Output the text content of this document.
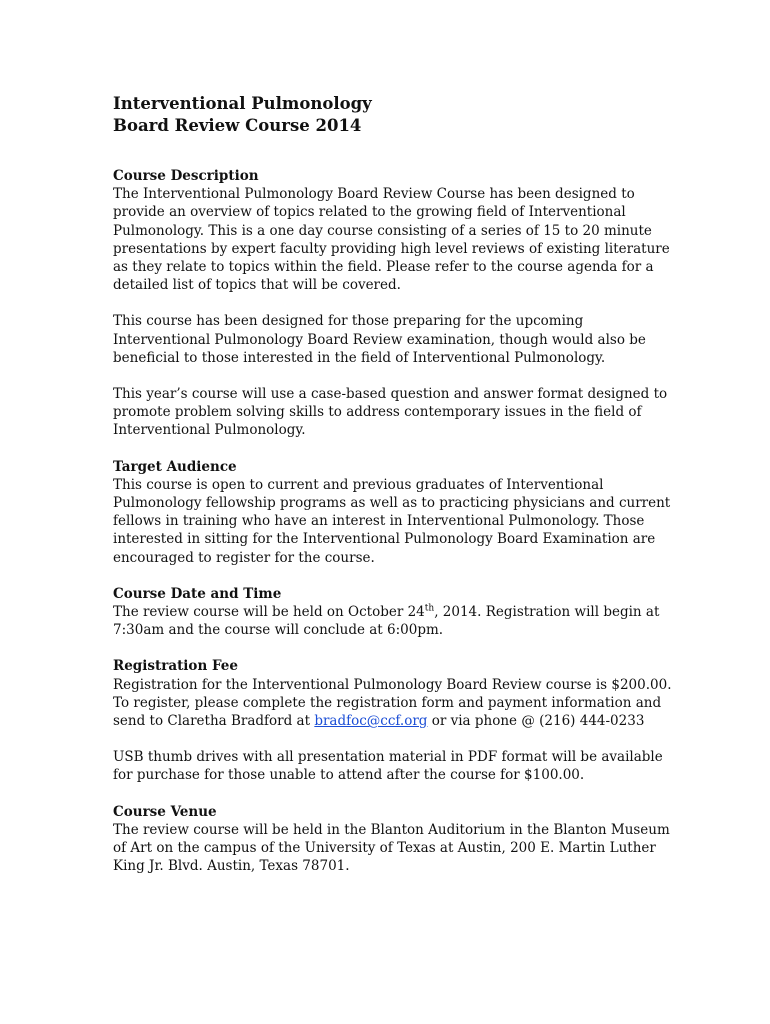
Interventional Pulmonology
Board Review Course 2014
Course Description

The Interventional Pulmonology Board Review Course has been designed to provide an overview of topics related to the growing field of Interventional Pulmonology. This is a one day course consisting of a series of 15 to 20 minute presentations by expert faculty providing high level reviews of existing literature as they relate to topics within the field. Please refer to the course agenda for a detailed list of topics that will be covered.

This course has been designed for those preparing for the upcoming Interventional Pulmonology Board Review examination, though would also be beneficial to those interested in the field of Interventional Pulmonology.

This year’s course will use a case-based question and answer format designed to promote problem solving skills to address contemporary issues in the field of Interventional Pulmonology.

Target Audience

This course is open to current and previous graduates of Interventional Pulmonology fellowship programs as well as to practicing physicians and current fellows in training who have an interest in Interventional Pulmonology. Those interested in sitting for the Interventional Pulmonology Board Examination are encouraged to register for the course.

Course Date and Time

The review course will be held on October 24th, 2014. Registration will begin at 7:30am and the course will conclude at 6:00pm.

Registration Fee

Registration for the Interventional Pulmonology Board Review course is $200.00. To register, please complete the registration form and payment information and send to Claretha Bradford at bradfoc@ccf.org or via phone @ (216) 444-0233

USB thumb drives with all presentation material in PDF format will be available for purchase for those unable to attend after the course for $100.00.

Course Venue

The review course will be held in the Blanton Auditorium in the Blanton Museum of Art on the campus of the University of Texas at Austin, 200 E. Martin Luther King Jr. Blvd. Austin, Texas 78701.
